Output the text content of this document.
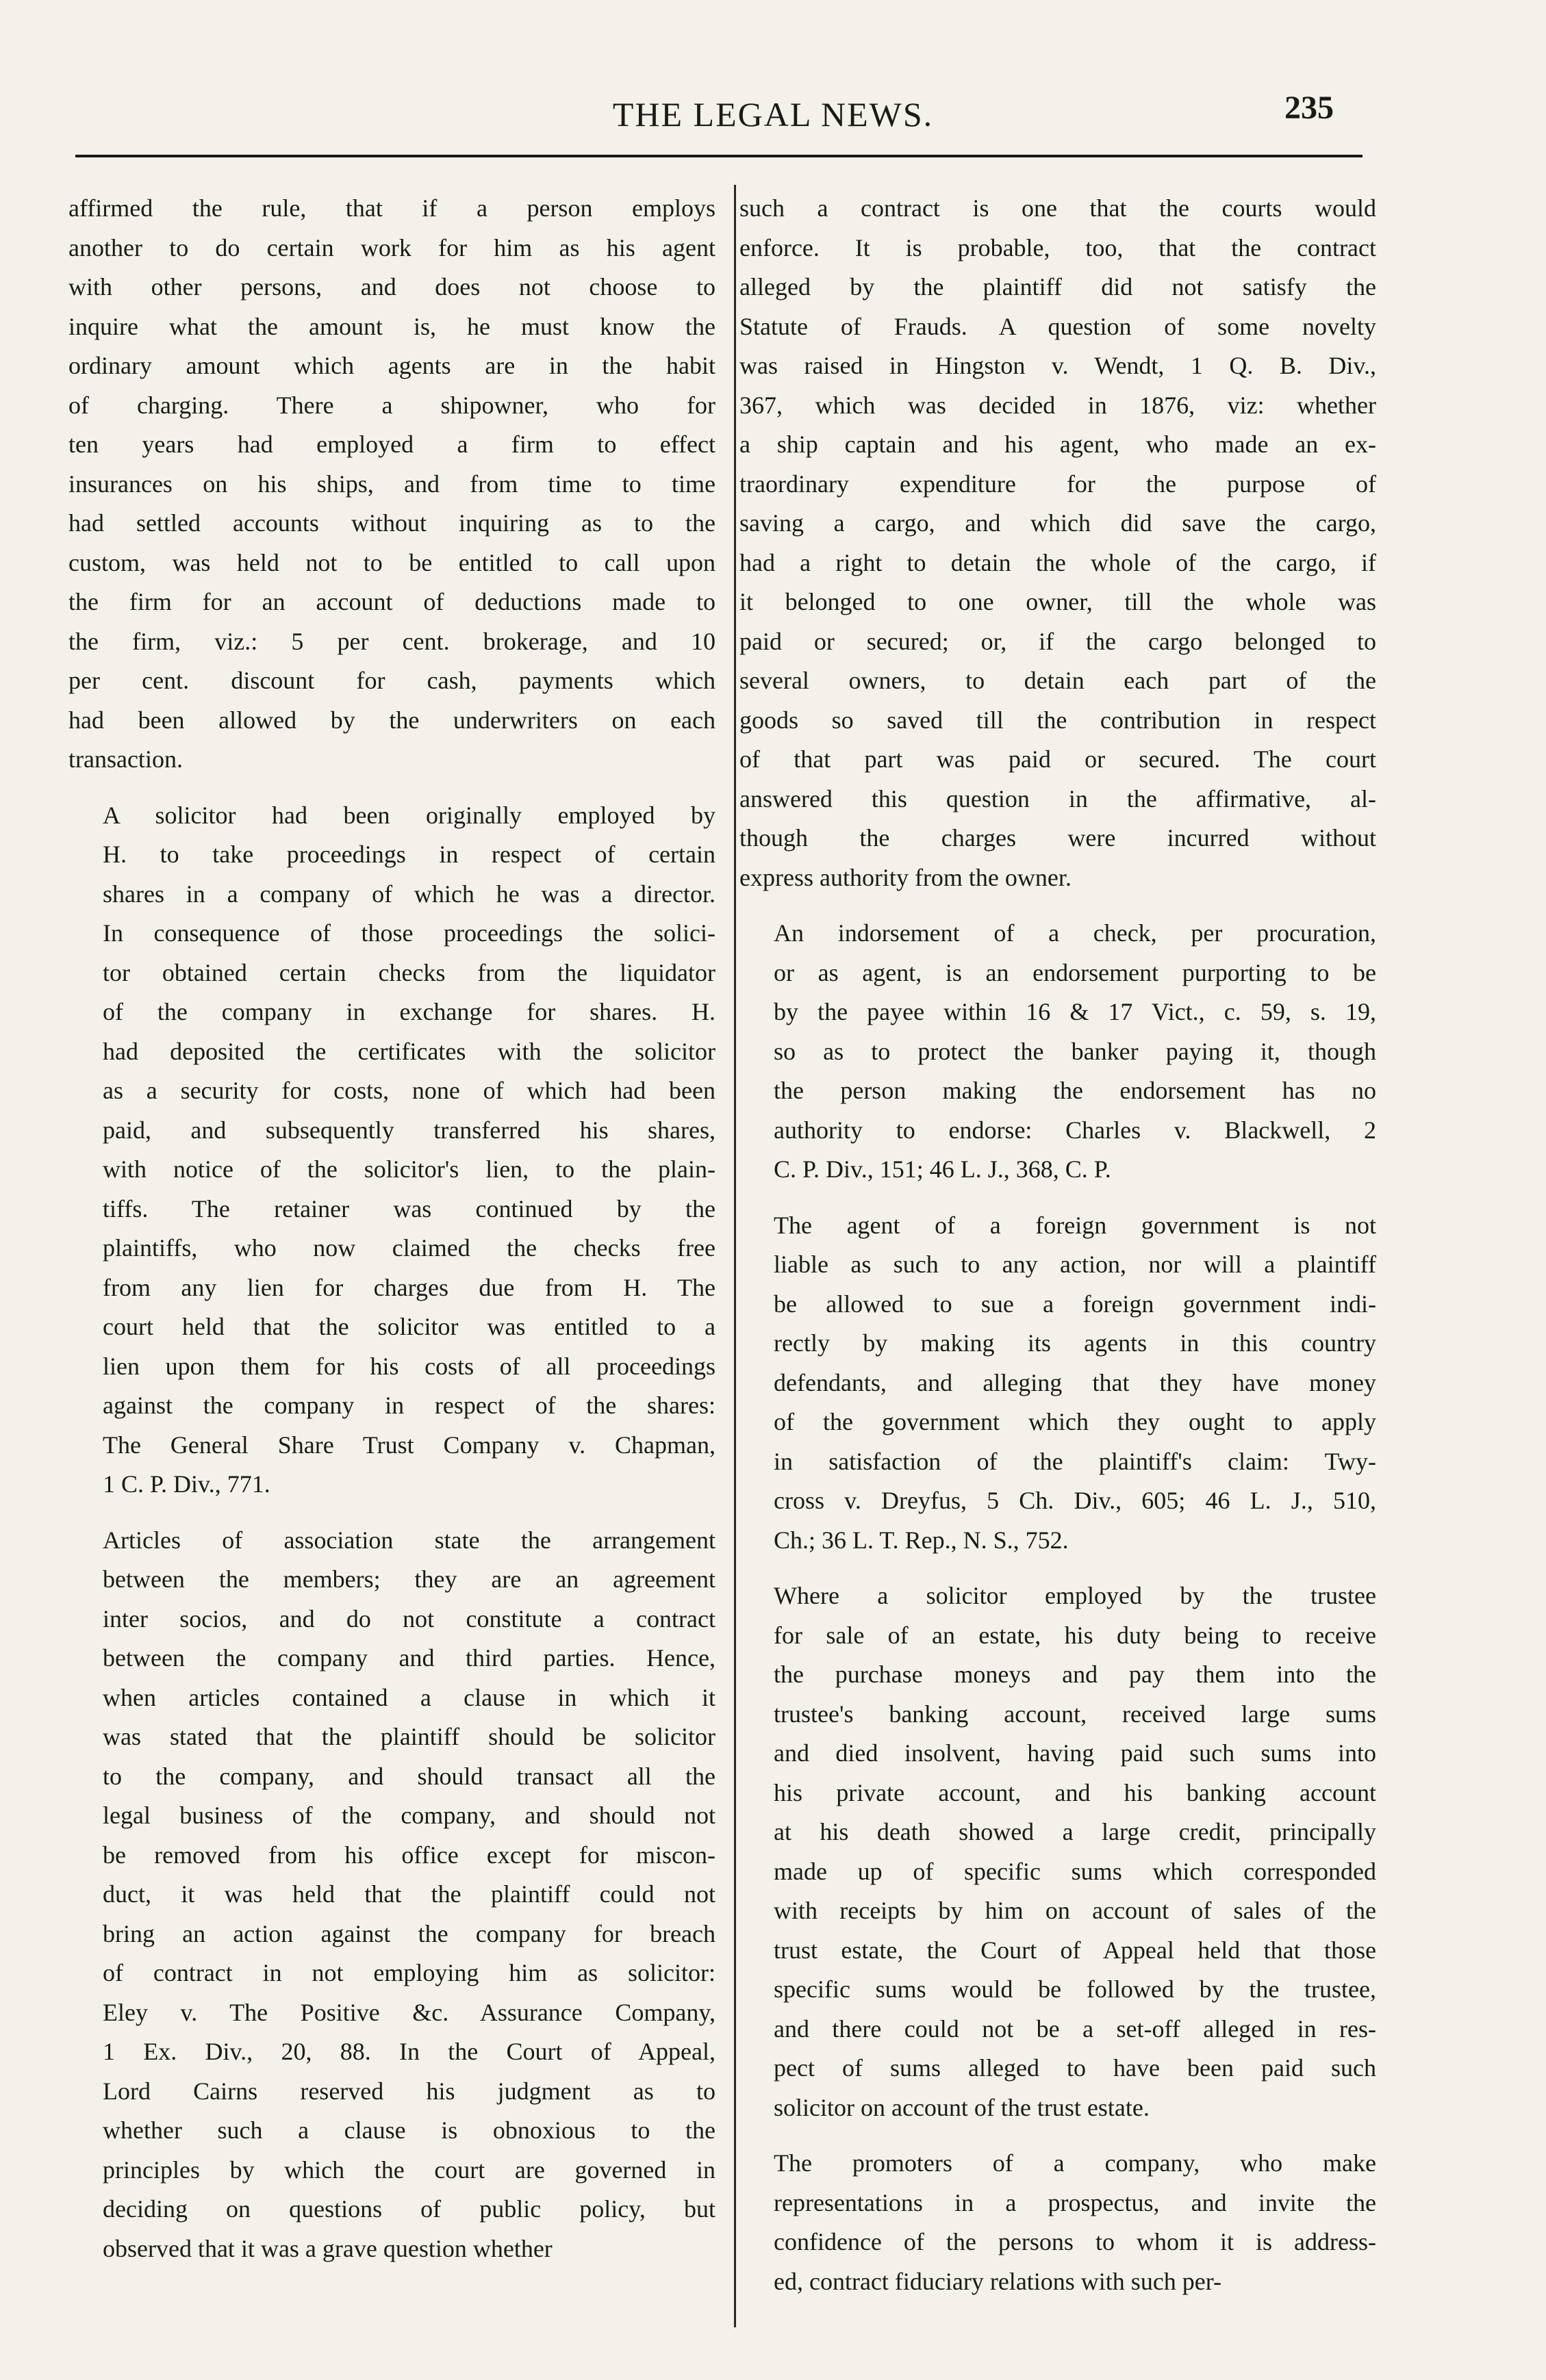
THE LEGAL NEWS.	235

affirmed the rule, that if a person employs
another to do certain work for him as his agent
with other persons, and does not choose to
inquire what the amount is, he must know the
ordinary amount which agents are in the habit
of charging. There a shipowner, who for
ten years had employed a firm to effect
insurances on his ships, and from time to time
had settled accounts without inquiring as to the
custom, was held not to be entitled to call upon
the firm for an account of deductions made to
the firm, viz.: 5 per cent. brokerage, and 10
per cent. discount for cash, payments which
had been allowed by the underwriters on each
transaction.

A solicitor had been originally employed by
H. to take proceedings in respect of certain
shares in a company of which he was a director.
In consequence of those proceedings the solici-
tor obtained certain checks from the liquidator
of the company in exchange for shares. H.
had deposited the certificates with the solicitor
as a security for costs, none of which had been
paid, and subsequently transferred his shares,
with notice of the solicitor's lien, to the plain-
tiffs. The retainer was continued by the
plaintiffs, who now claimed the checks free
from any lien for charges due from H. The
court held that the solicitor was entitled to a
lien upon them for his costs of all proceedings
against the company in respect of the shares:
The General Share Trust Company v. Chapman,
1 C. P. Div., 771.

Articles of association state the arrangement
between the members; they are an agreement
inter socios, and do not constitute a contract
between the company and third parties. Hence,
when articles contained a clause in which it
was stated that the plaintiff should be solicitor
to the company, and should transact all the
legal business of the company, and should not
be removed from his office except for miscon-
duct, it was held that the plaintiff could not
bring an action against the company for breach
of contract in not employing him as solicitor:
Eley v. The Positive &c. Assurance Company,
1 Ex. Div., 20, 88. In the Court of Appeal,
Lord Cairns reserved his judgment as to
whether such a clause is obnoxious to the
principles by which the court are governed in
deciding on questions of public policy, but
observed that it was a grave question whether

such a contract is one that the courts would
enforce. It is probable, too, that the contract
alleged by the plaintiff did not satisfy the
Statute of Frauds. A question of some novelty
was raised in Hingston v. Wendt, 1 Q. B. Div.,
367, which was decided in 1876, viz: whether
a ship captain and his agent, who made an ex-
traordinary expenditure for the purpose of
saving a cargo, and which did save the cargo,
had a right to detain the whole of the cargo, if
it belonged to one owner, till the whole was
paid or secured; or, if the cargo belonged to
several owners, to detain each part of the
goods so saved till the contribution in respect
of that part was paid or secured. The court
answered this question in the affirmative, al-
though the charges were incurred without
express authority from the owner.

An indorsement of a check, per procuration,
or as agent, is an endorsement purporting to be
by the payee within 16 & 17 Vict., c. 59, s. 19,
so as to protect the banker paying it, though
the person making the endorsement has no
authority to endorse: Charles v. Blackwell, 2
C. P. Div., 151; 46 L. J., 368, C. P.

The agent of a foreign government is not
liable as such to any action, nor will a plaintiff
be allowed to sue a foreign government indi-
rectly by making its agents in this country
defendants, and alleging that they have money
of the government which they ought to apply
in satisfaction of the plaintiff's claim: Twy-
cross v. Dreyfus, 5 Ch. Div., 605; 46 L. J., 510,
Ch.; 36 L. T. Rep., N. S., 752.

Where a solicitor employed by the trustee
for sale of an estate, his duty being to receive
the purchase moneys and pay them into the
trustee's banking account, received large sums
and died insolvent, having paid such sums into
his private account, and his banking account
at his death showed a large credit, principally
made up of specific sums which corresponded
with receipts by him on account of sales of the
trust estate, the Court of Appeal held that those
specific sums would be followed by the trustee,
and there could not be a set-off alleged in res-
pect of sums alleged to have been paid such
solicitor on account of the trust estate.

The promoters of a company, who make
representations in a prospectus, and invite the
confidence of the persons to whom it is address-
ed, contract fiduciary relations with such per-
